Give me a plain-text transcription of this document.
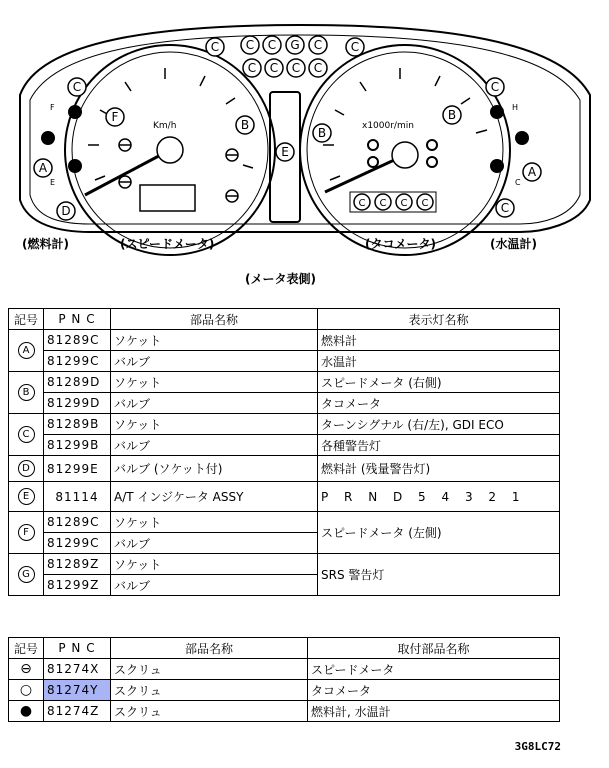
Km/h	x1000r/min
F
E
H
C
C C C G C C
C C C C
C	C
F
B
B
B
E
A	A
D	C
C C C C
(燃料計)	(スピードメータ)	(タコメータ)	(水温計)
(メータ表側)
記号	P N C	部品名称	表示灯名称
A	81289C	ソケット	燃料計
	81299C	バルブ	水温計
B	81289D	ソケット	スピードメータ (右側)
	81299D	バルブ	タコメータ
C	81289B	ソケット	ターンシグナル (右/左), GDI ECO
	81299B	バルブ	各種警告灯
D	81299E	バルブ (ソケット付)	燃料計 (残量警告灯)
E	81114	A/T インジケータ ASSY	P R N D 5 4 3 2 1
F	81289C	ソケット	スピードメータ (左側)
	81299C	バルブ	
G	81289Z	ソケット	SRS 警告灯
	81299Z	バルブ	
記号	P N C	部品名称	取付部品名称
⊖	81274X	スクリュ	スピードメータ
○	81274Y	スクリュ	タコメータ
●	81274Z	スクリュ	燃料計, 水温計
3G8LC72
